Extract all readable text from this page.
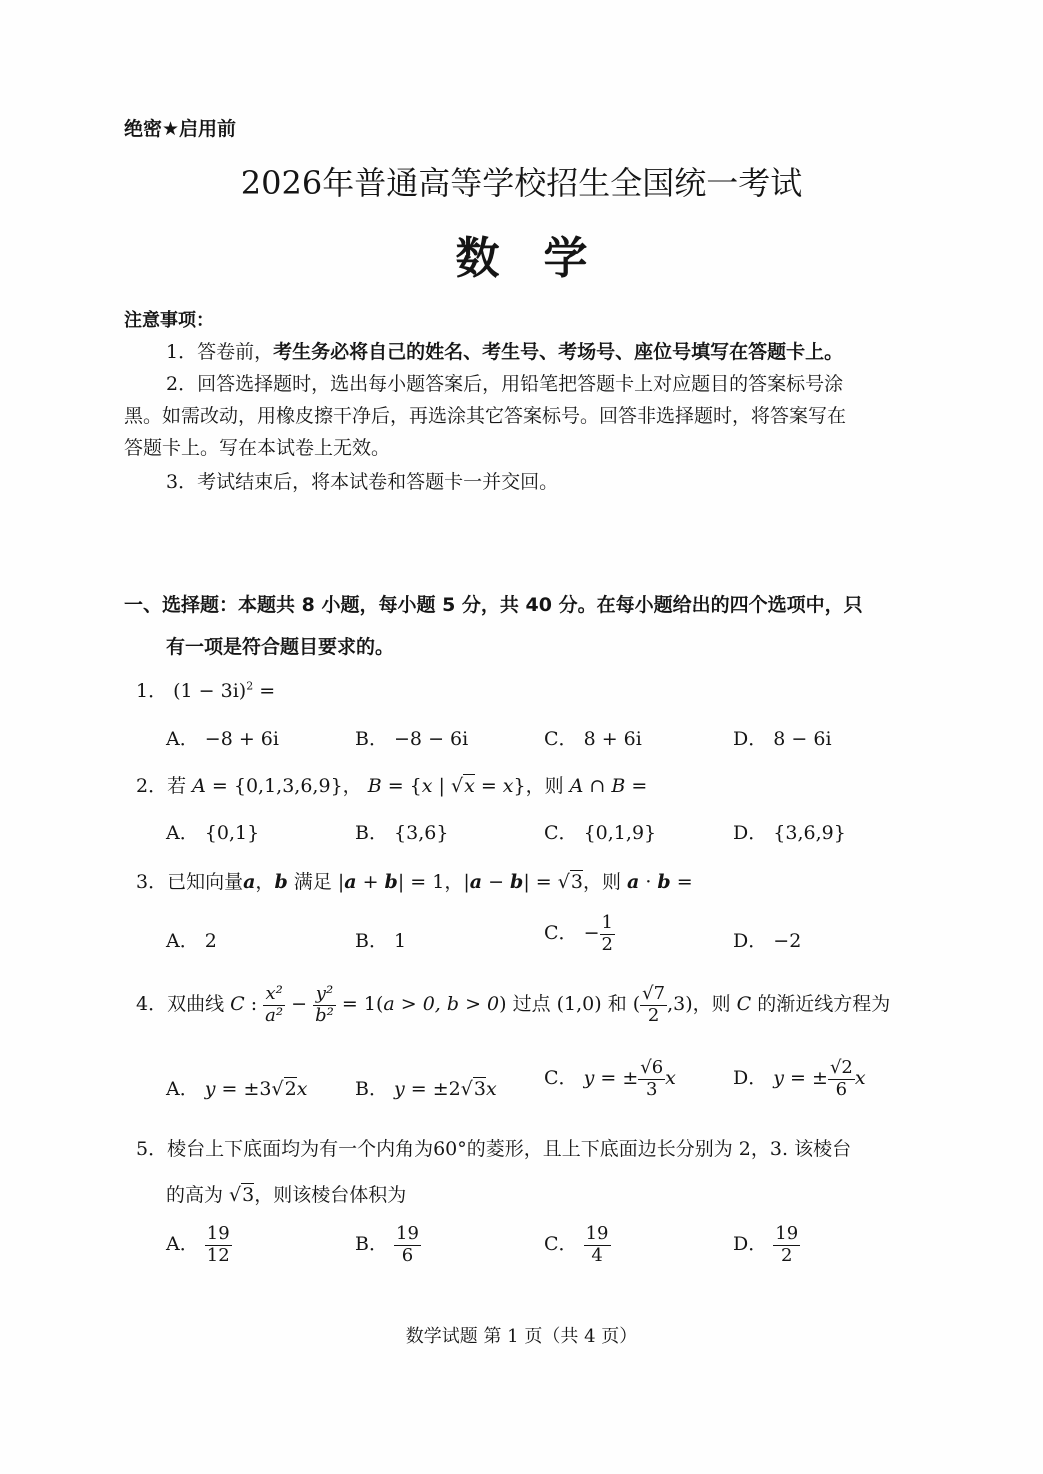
绝密★启用前
2026年普通高等学校招生全国统一考试
数学
注意事项：
1．答卷前，考生务必将自己的姓名、考生号、考场号、座位号填写在答题卡上。
2．回答选择题时，选出每小题答案后，用铅笔把答题卡上对应题目的答案标号涂
黑。如需改动，用橡皮擦干净后，再选涂其它答案标号。回答非选择题时，将答案写在
答题卡上。写在本试卷上无效。
3．考试结束后，将本试卷和答题卡一并交回。
一、选择题：本题共 8 小题，每小题 5 分，共 40 分。在每小题给出的四个选项中，只
有一项是符合题目要求的。
1． $(1 - 3i)^2$ =
A． −8 + 6i	B． −8 − 6i	C． 8 + 6i	D． 8 − 6i
2．若 A = {0,1,3,6,9}， B = {x | √x = x}，则 A ∩ B =
A． {0,1}	B． {3,6}	C． {0,1,9}	D． {3,6,9}
3．已知向量a，b 满足 |a + b| = 1，|a − b| = √3，则 a · b =
A． 2	B． 1	C． − $\frac{1}{2}$	D． −2
4．双曲线 C : $\frac{\text{x²}}{\text{a²}} - \frac{\text{y²}}{\text{b²}} = 1(a > 0$, b > 0) 过点 (1,0) 和 ( $\frac{√7}{2} ,3$)，则 C 的渐近线方程为
A． y = ±3√2x	B． y = ±2√3x C． y = ± $\frac{√6}{3}$ x	D． y = ± $\frac{√2}{6}$ x
5．棱台上下底面均为有一个内角为60°的菱形，且上下底面边长分别为 2，3. 该棱台
的高为 √3，则该棱台体积为
A． $\frac{19}{12}$	B． $\frac{19}{6}$	C． $\frac{19}{4}$	D． $\frac{19}{2}$
数学试题 第 1 页（共 4 页）
